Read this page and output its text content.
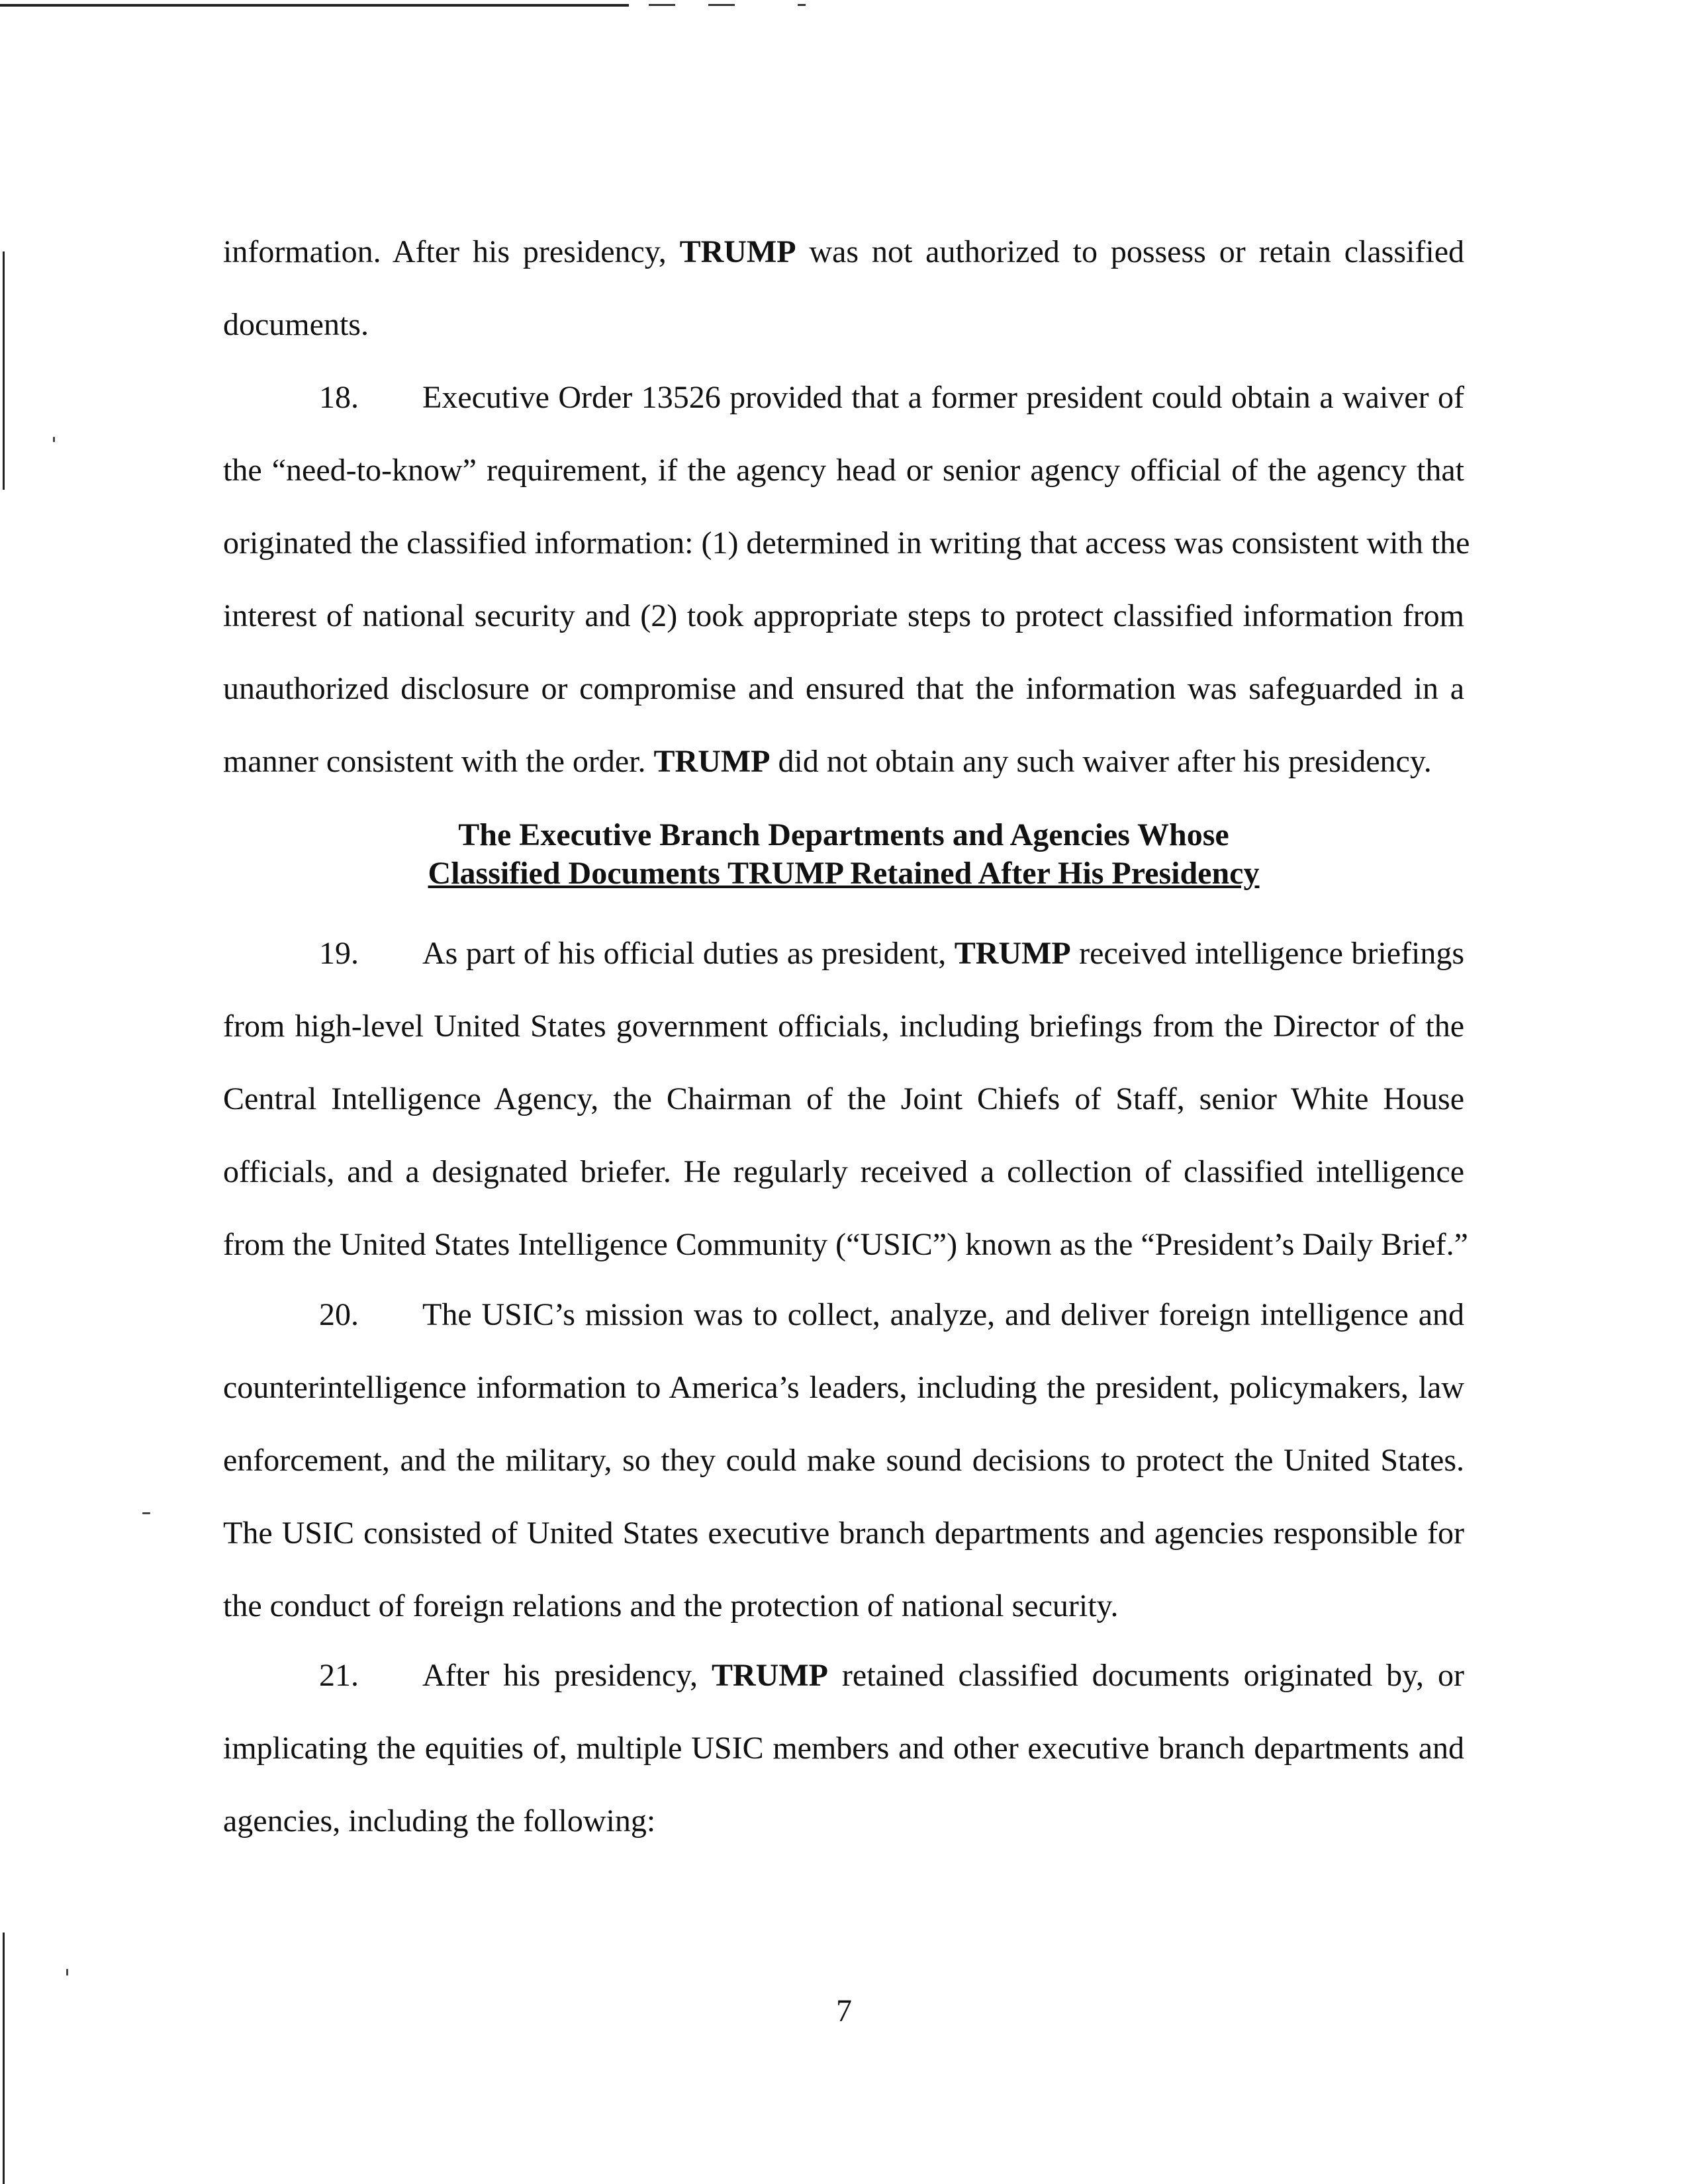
information. After his presidency, TRUMP was not authorized to possess or retain classified
documents.
18. Executive Order 13526 provided that a former president could obtain a waiver of
the “need-to-know” requirement, if the agency head or senior agency official of the agency that
originated the classified information: (1) determined in writing that access was consistent with the
interest of national security and (2) took appropriate steps to protect classified information from
unauthorized disclosure or compromise and ensured that the information was safeguarded in a
manner consistent with the order. TRUMP did not obtain any such waiver after his presidency.
The Executive Branch Departments and Agencies Whose
Classified Documents TRUMP Retained After His Presidency
19. As part of his official duties as president, TRUMP received intelligence briefings
from high-level United States government officials, including briefings from the Director of the
Central Intelligence Agency, the Chairman of the Joint Chiefs of Staff, senior White House
officials, and a designated briefer. He regularly received a collection of classified intelligence
from the United States Intelligence Community (“USIC”) known as the “President’s Daily Brief.”
20. The USIC’s mission was to collect, analyze, and deliver foreign intelligence and
counterintelligence information to America’s leaders, including the president, policymakers, law
enforcement, and the military, so they could make sound decisions to protect the United States.
The USIC consisted of United States executive branch departments and agencies responsible for
the conduct of foreign relations and the protection of national security.
21. After his presidency, TRUMP retained classified documents originated by, or
implicating the equities of, multiple USIC members and other executive branch departments and
agencies, including the following:
7
